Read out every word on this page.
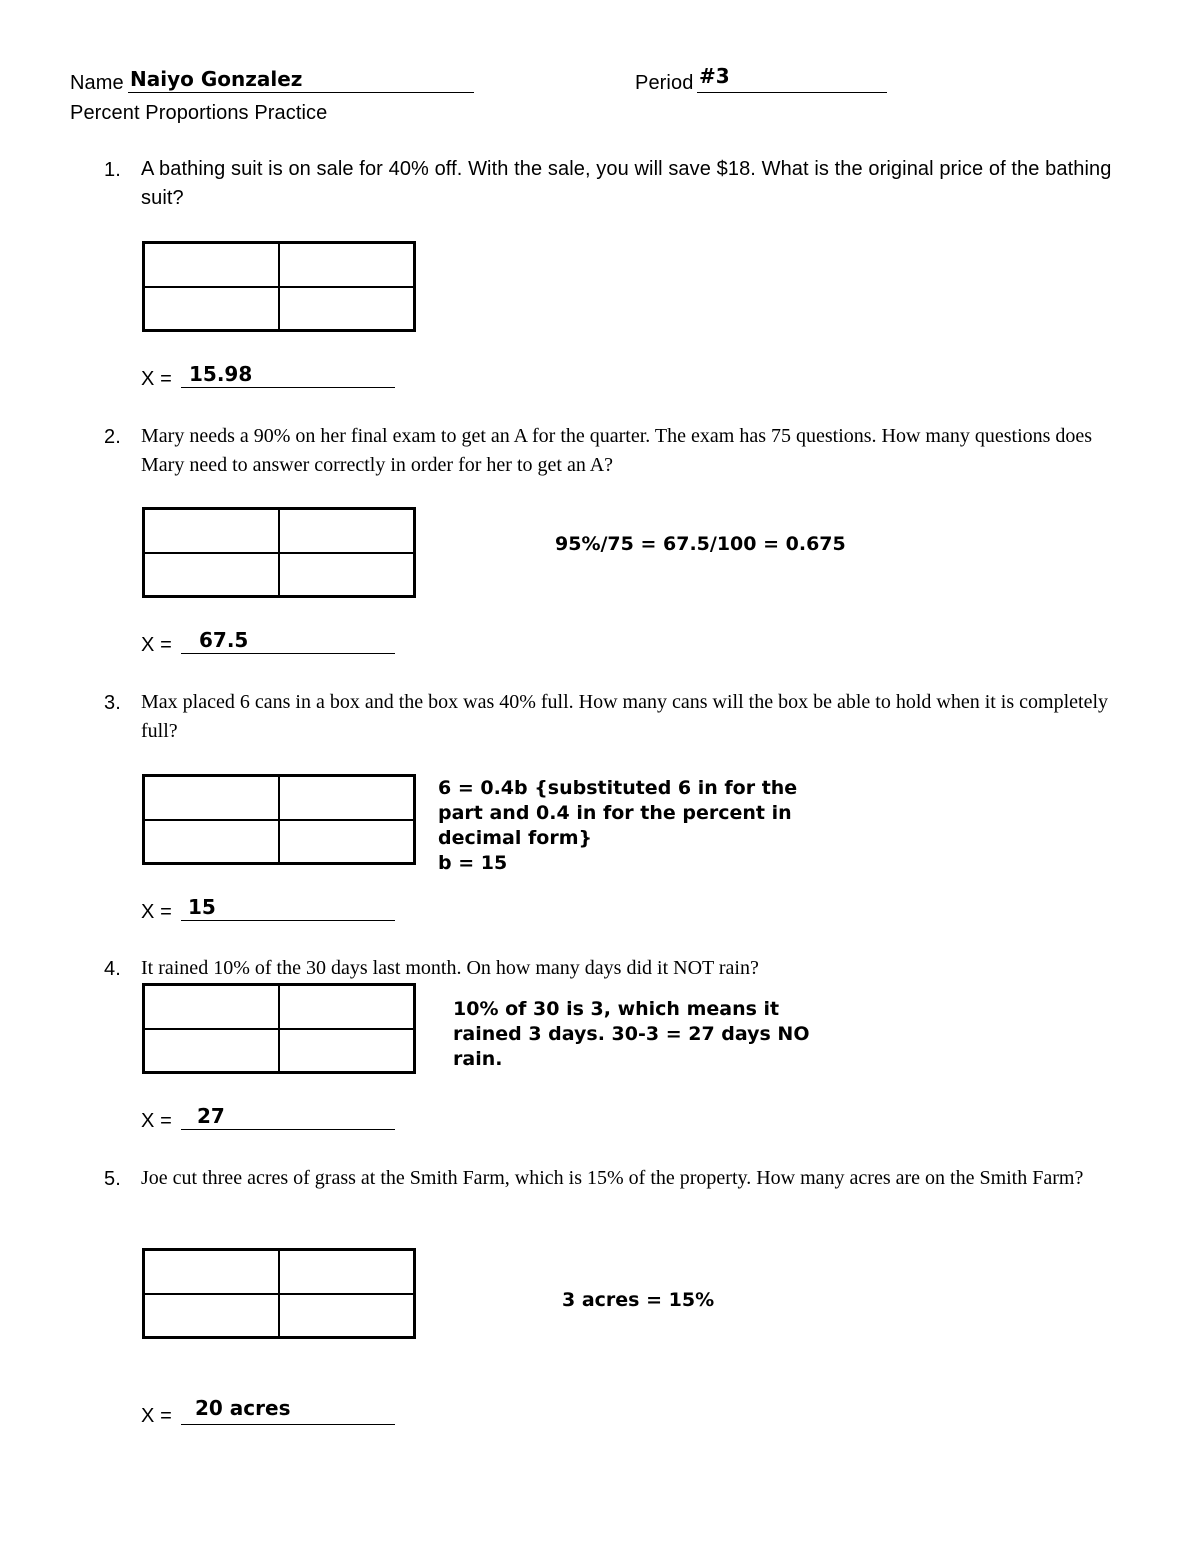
Name Naiyo Gonzalez	Period #3
Percent Proportions Practice
1. A bathing suit is on sale for 40% off. With the sale, you will save $18. What is the original price of the bathing suit?
X = 15.98
2. Mary needs a 90% on her final exam to get an A for the quarter. The exam has 75 questions. How many questions does Mary need to answer correctly in order for her to get an A?
95%/75 = 67.5/100 = 0.675
X = 67.5
3. Max placed 6 cans in a box and the box was 40% full. How many cans will the box be able to hold when it is completely full?
6 = 0.4b {substituted 6 in for the
part and 0.4 in for the percent in
decimal form}
b = 15
X = 15
4. It rained 10% of the 30 days last month. On how many days did it NOT rain?
10% of 30 is 3, which means it
rained 3 days. 30-3 = 27 days NO
rain.
X = 27
5. Joe cut three acres of grass at the Smith Farm, which is 15% of the property. How many acres are on the Smith Farm?
3 acres = 15%
X = 20 acres
